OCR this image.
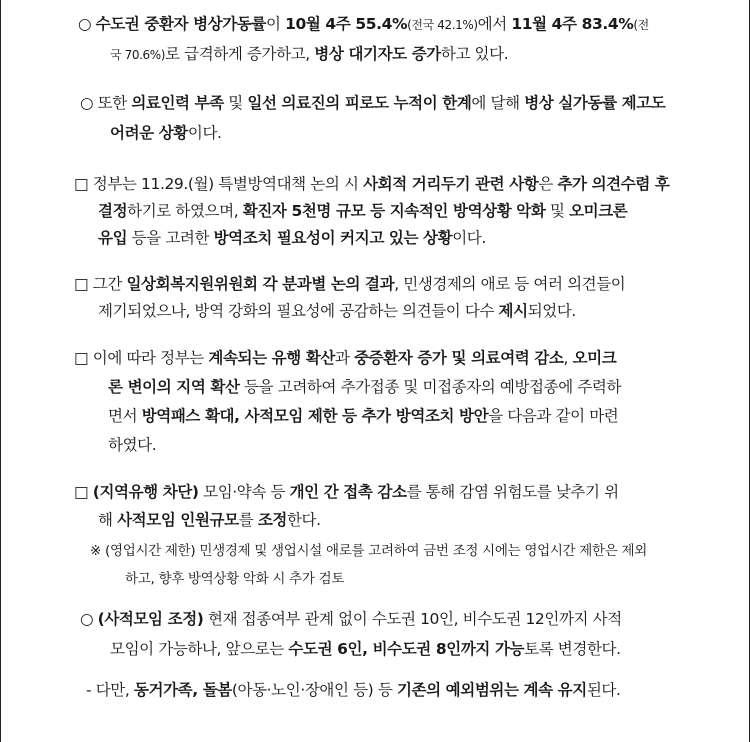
○ 수도권 중환자 병상가동률이 10월 4주 55.4%(전국 42.1%)에서 11월 4주 83.4%(전
국 70.6%)로 급격하게 증가하고, 병상 대기자도 증가하고 있다.
○ 또한 의료인력 부족 및 일선 의료진의 피로도 누적이 한계에 달해 병상 실가동률 제고도
어려운 상황이다.
□ 정부는 11.29.(월) 특별방역대책 논의 시 사회적 거리두기 관련 사항은 추가 의견수렴 후
결정하기로 하였으며, 확진자 5천명 규모 등 지속적인 방역상황 악화 및 오미크론
유입 등을 고려한 방역조치 필요성이 커지고 있는 상황이다.
□ 그간 일상회복지원위원회 각 분과별 논의 결과, 민생경제의 애로 등 여러 의견들이
제기되었으나, 방역 강화의 필요성에 공감하는 의견들이 다수 제시되었다.
□ 이에 따라 정부는 계속되는 유행 확산과 중증환자 증가 및 의료여력 감소, 오미크
론 변이의 지역 확산 등을 고려하여 추가접종 및 미접종자의 예방접종에 주력하
면서 방역패스 확대, 사적모임 제한 등 추가 방역조치 방안을 다음과 같이 마련
하였다.
□ (지역유행 차단) 모임·약속 등 개인 간 접촉 감소를 통해 감염 위험도를 낮추기 위
해 사적모임 인원규모를 조정한다.
※ (영업시간 제한) 민생경제 및 생업시설 애로를 고려하여 금번 조정 시에는 영업시간 제한은 제외
하고, 향후 방역상황 악화 시 추가 검토
○ (사적모임 조정) 현재 접종여부 관계 없이 수도권 10인, 비수도권 12인까지 사적
모임이 가능하나, 앞으로는 수도권 6인, 비수도권 8인까지 가능토록 변경한다.
- 다만, 동거가족, 돌봄(아동·노인·장애인 등) 등 기존의 예외범위는 계속 유지된다.
